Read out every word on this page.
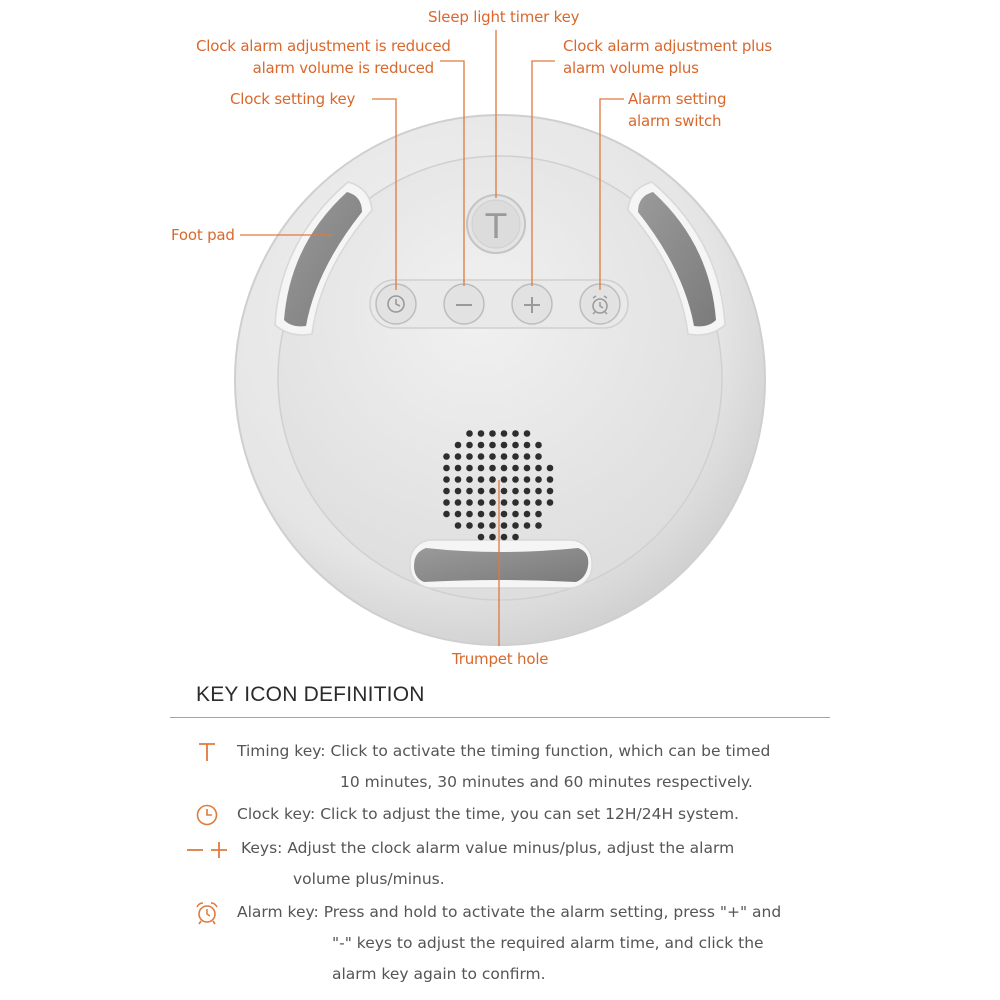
T
Sleep light timer key
Clock alarm adjustment is reduced
alarm volume is reduced
Clock alarm adjustment plus
alarm volume plus
Clock setting key	Alarm setting
alarm switch
Foot pad
Trumpet hole
KEY ICON DEFINITION
Timing key: Click to activate the timing function, which can be timed
10 minutes, 30 minutes and 60 minutes respectively.
Clock key: Click to adjust the time, you can set 12H/24H system.
Keys: Adjust the clock alarm value minus/plus, adjust the alarm
volume plus/minus.
Alarm key: Press and hold to activate the alarm setting, press "+" and
"-" keys to adjust the required alarm time, and click the
alarm key again to confirm.
